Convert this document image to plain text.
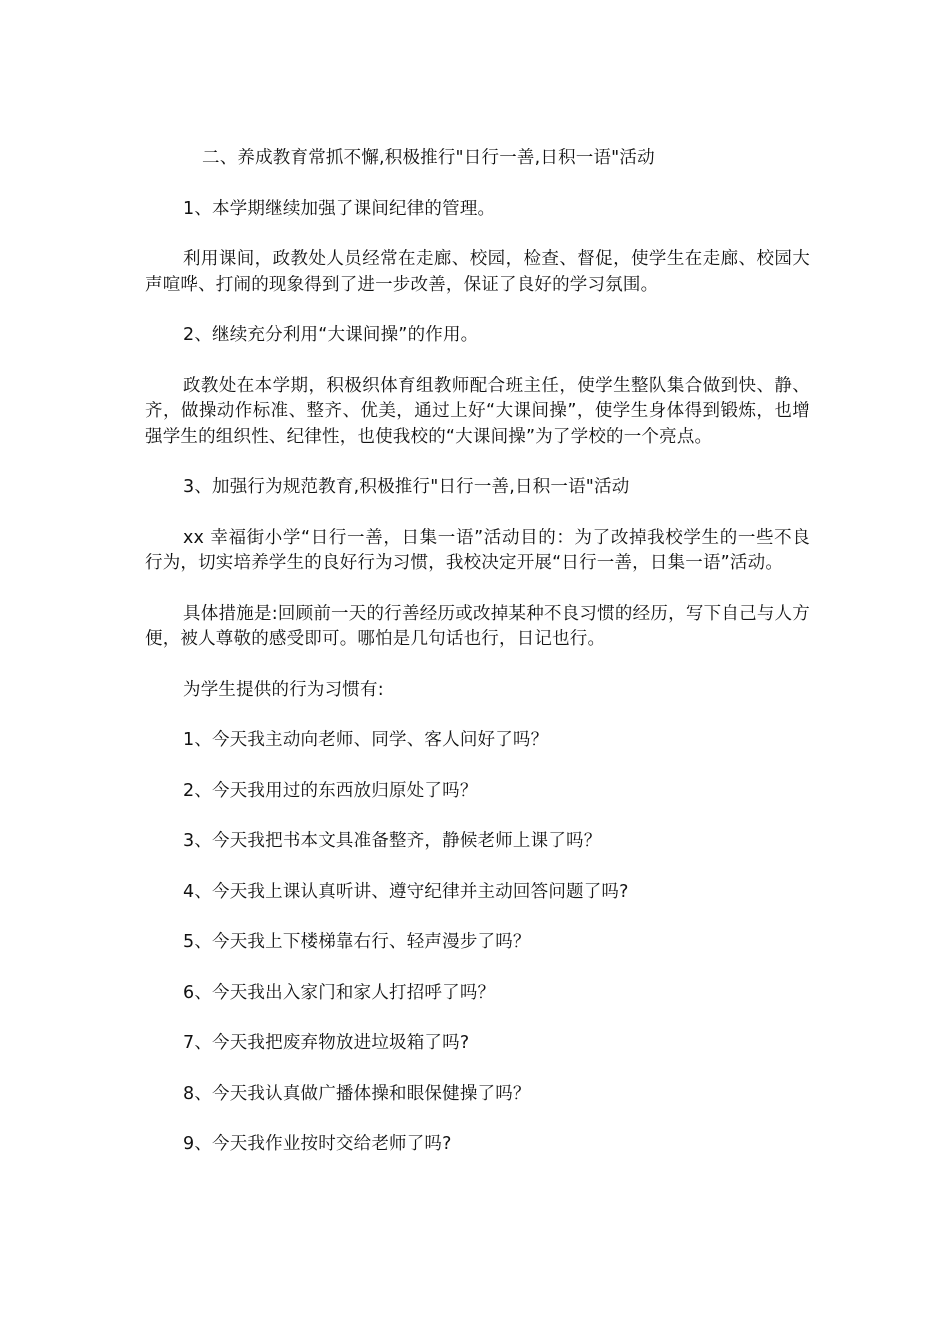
二、养成教育常抓不懈,积极推行"日行一善,日积一语"活动

1、本学期继续加强了课间纪律的管理。

利用课间，政教处人员经常在走廊、校园，检查、督促，使学生在走廊、校园大声喧哗、打闹的现象得到了进一步改善，保证了良好的学习氛围。

2、继续充分利用“大课间操”的作用。

政教处在本学期，积极织体育组教师配合班主任，使学生整队集合做到快、静、齐，做操动作标准、整齐、优美，通过上好“大课间操”，使学生身体得到锻炼，也增强学生的组织性、纪律性，也使我校的“大课间操”为了学校的一个亮点。

3、加强行为规范教育,积极推行"日行一善,日积一语"活动

xx 幸福街小学“日行一善，日集一语”活动目的：为了改掉我校学生的一些不良行为，切实培养学生的良好行为习惯，我校决定开展“日行一善，日集一语”活动。

具体措施是:回顾前一天的行善经历或改掉某种不良习惯的经历，写下自己与人方便，被人尊敬的感受即可。哪怕是几句话也行，日记也行。

为学生提供的行为习惯有:

1、今天我主动向老师、同学、客人问好了吗？

2、今天我用过的东西放归原处了吗？

3、今天我把书本文具准备整齐，静候老师上课了吗？

4、今天我上课认真听讲、遵守纪律并主动回答问题了吗?

5、今天我上下楼梯靠右行、轻声漫步了吗？

6、今天我出入家门和家人打招呼了吗？

7、今天我把废弃物放进垃圾箱了吗?

8、今天我认真做广播体操和眼保健操了吗？

9、今天我作业按时交给老师了吗?
